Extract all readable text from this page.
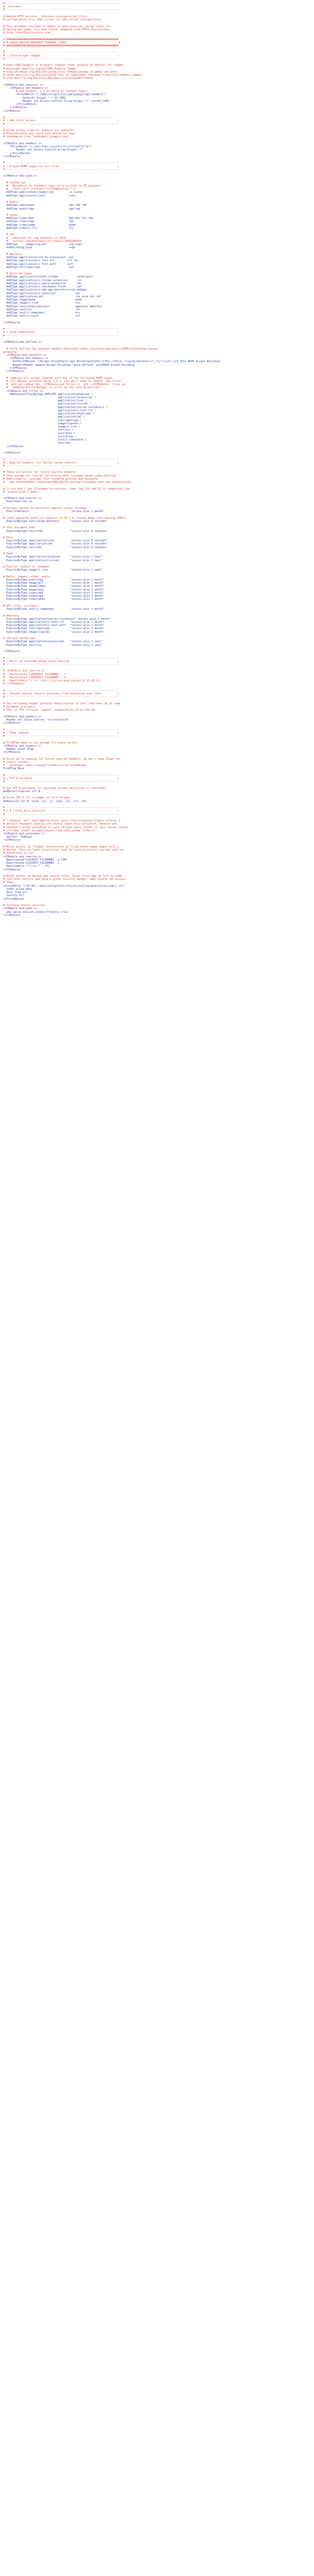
# ----------------------------------------------------------------------
# .htaccess
# ----------------------------------------------------------------------
# Apache HTTP servers, .htaccess configuration files
# configuration file that allows for web server configuration.
# This document includes a number of best-practice server rules for
# making web pages fast and secure. Adapted from HTML5 Boilerplate.
# http://html5boilerplate.com/
# ######################################################################
# # CROSS-ORIGIN RESOURCE SHARING (CORS)                                #
# ######################################################################
# ----------------------------------------------------------------------
# | Cross-origin images                                                |
# ----------------------------------------------------------------------
# Send CORS headers if browsers request them; enabled by default for images.
# developer.mozilla.org/en/CORS_Enabled_Image
# blog.chromium.org/2011/07/using-cross-domain-images-in-webgl-and.html
# hacks.mozilla.org/2011/11/using-cors-to-load-webgl-textures-from-cross-domain-images/
# wiki.mozilla.org/Security/Reviews/crossoriginAttribute
<IfModule mod_setenvif.c>
<IfModule mod_headers.c>
# mod_headers, y u no match by Content-Type?!
<FilesMatch "\.(bmp|cur|gif|ico|jpe?g|png|svgz?|webp)$">
SetEnvIf Origin ":" IS_CORS
Header set Access-Control-Allow-Origin "*" env=IS_CORS
</FilesMatch>
</IfModule>
</IfModule>
# ----------------------------------------------------------------------
# | Web fonts access                                                   |
# ----------------------------------------------------------------------
# Allow access from all domains for webfonts.
# Alternatively you could only whitelist your
# subdomains like "subdomain.example.com".
<IfModule mod_headers.c>
<FilesMatch "\.(eot|font.css|otf|ttc|ttf|woff2?)$">
Header set Access-Control-Allow-Origin "*"
</FilesMatch>
</IfModule>
# ----------------------------------------------------------------------
# | Proper MIME types for all files                                    |
# ----------------------------------------------------------------------
<IfModule mod_mime.c>
# JavaScript
#   Normalize to standard type (it's sniffed in IE anyways)
#   tools.ietf.org/html/rfc4329#section-7.2
AddType application/javascript         js jsonp
AddType application/json               json
# Audio
AddType audio/mp4                      m4a f4a f4b
AddType audio/ogg                      oga ogg
# Video
AddType video/mp4                      mp4 m4v f4v f4p
AddType video/ogg                      ogv
AddType video/webm                     webm
AddType video/x-flv                    flv
# SVG
#   Required for svg webfonts on iPad
#   twitter.com/FontSquirrel/status/14855840545
AddType     image/svg+xml              svg svgz
AddEncoding gzip                       svgz
# Webfonts
AddType application/vnd.ms-fontobject  eot
AddType application/x-font-ttf        ttf ttc
AddType application/x-font-woff       woff
AddType font/opentype                  otf
# Assorted types
AddType application/octet-stream            safariextz
AddType application/x-chrome-extension      crx
AddType application/x-opera-extension       oex
AddType application/x-shockwave-flash       swf
AddType application/x-web-app-manifest+json webapp
AddType application/x-xpinstall            xpi
AddType application/xml                    rss atom xml rdf
AddType image/webp                         webp
AddType image/x-icon                       ico
AddType text/cache-manifest                appcache manifest
AddType text/vtt                           vtt
AddType text/x-component                   htc
AddType text/x-vcard                       vcf
</IfModule>
# ----------------------------------------------------------------------
# | Gzip compression                                                   |
# ----------------------------------------------------------------------
<IfModule mod_deflate.c>
# Force deflate for mangled headers developer.yahoo.com/blogs/ydn/posts/2010/12/pushing-beyond-
gzipping/
<IfModule mod_setenvif.c>
<IfModule mod_headers.c>
SetEnvIfNoCase ^(Accept-EncodXng|X-cept-Encoding|X{15}|~{15}|-{15})$ ^((gzip|deflate)\s*,?\s*)+|[X~-]{4,13}$ HAVE_Accept-Encoding
RequestHeader append Accept-Encoding "gzip,deflate" env=HAVE_Accept-Encoding
</IfModule>
</IfModule>
# Compress all output labeled with one of the following MIME-types
# (for Apache versions below 2.3.7, you don't need to enable `mod_filter`
#  and can remove the `<IfModule mod_filter.c>` and `</IfModule>` lines as
#  `AddOutputFilterByType` is still in the core directives)
<IfModule mod_filter.c>
AddOutputFilterByType DEFLATE application/atom+xml \
application/javascript \
application/json \
application/rss+xml \
application/vnd.ms-fontobject \
application/x-font-ttf \
application/xhtml+xml \
application/xml \
font/opentype \
image/svg+xml \
image/x-icon \
text/css \
text/html \
text/plain \
text/x-component \
text/xml
</IfModule>
</IfModule>
# ----------------------------------------------------------------------
# | Expires headers (for better cache control)                         |
# ----------------------------------------------------------------------
# These are pretty far-future expires headers.
# They assume you control versioning with filename-based cache busting
# Additionally, consider that outdated proxies may miscache
#   www.stevesouders.com/blog/2008/08/23/revving-filenames-dont-use-querystring/
# If you don't use filenames to version, lower the CSS and JS to something like
# "access plus 1 week".
<IfModule mod_expires.c>
ExpiresActive on
# Perhaps better to whitelist expires rules? Perhaps.
ExpiresDefault                          "access plus 1 month"
# cache.appcache needs re-requests in FF 3.6 (thanks Remy ~Introducing HTML5)
ExpiresByType text/cache-manifest       "access plus 0 seconds"
# Your document html
ExpiresByType text/html                 "access plus 0 seconds"
# Data
ExpiresByType application/json          "access plus 0 seconds"
ExpiresByType application/xml           "access plus 0 seconds"
ExpiresByType text/xml                  "access plus 0 seconds"
# Feed
ExpiresByType application/atom+xml      "access plus 1 hour"
ExpiresByType application/rss+xml       "access plus 1 hour"
# Favicon (cannot be renamed)
ExpiresByType image/x-icon              "access plus 1 week"
# Media: images, video, audio
ExpiresByType audio/ogg                 "access plus 1 month"
ExpiresByType image/gif                 "access plus 1 month"
ExpiresByType image/jpeg                "access plus 1 month"
ExpiresByType image/png                 "access plus 1 month"
ExpiresByType video/mp4                 "access plus 1 month"
ExpiresByType video/ogg                 "access plus 1 month"
ExpiresByType video/webm                "access plus 1 month"
# HTC files  (css3pie)
ExpiresByType text/x-component          "access plus 1 month"
# Webfonts
ExpiresByType application/vnd.ms-fontobject "access plus 1 month"
ExpiresByType application/x-font-ttf    "access plus 1 month"
ExpiresByType application/x-font-woff   "access plus 1 month"
ExpiresByType font/opentype             "access plus 1 month"
ExpiresByType image/svg+xml             "access plus 1 month"
# CSS and JavaScript
ExpiresByType application/javascript    "access plus 1 year"
ExpiresByType text/css                  "access plus 1 year"
</IfModule>
# ----------------------------------------------------------------------
# | Built-in filename-based cache busting                              |
# ----------------------------------------------------------------------
# <IfModule mod_rewrite.c>
#   RewriteCond %{REQUEST_FILENAME} !-f
#   RewriteCond %{REQUEST_FILENAME} !-d
#   RewriteRule ^(.+)\.(\d+)\.(js|css|png|jpg|gif)$ $1.$3 [L]
# </IfModule>
# ----------------------------------------------------------------------
# | Prevent mobile network providers from modifying your site          |
# ----------------------------------------------------------------------
# The following header prevents modification of your code over 3G on some
# European providers.
# This is the official 'bypass' suggested by O2 in the UK.
<IfModule mod_headers.c>
Header set Cache-Control "no-transform"
</IfModule>
# ----------------------------------------------------------------------
# | ETag removal                                                       |
# ----------------------------------------------------------------------
# FileETag None is not enough for every server.
<IfModule mod_headers.c>
Header unset ETag
</IfModule>
# Since we're sending far-future expires headers, we don't need ETags for
# static content.
#   developer.yahoo.com/performance/rules.html#etags
FileETag None
# ----------------------------------------------------------------------
# | UTF-8 encoding                                                     |
# ----------------------------------------------------------------------
# Use UTF-8 encoding for anything served text/plain or text/html
AddDefaultCharset utf-8
# Force UTF-8 for a number of file formats
AddCharset utf-8 .atom .css .js .json .rss .vtt .xml
# ----------------------------------------------------------------------
# | A little more security                                             |
# ----------------------------------------------------------------------
# "-Indexes" will have Apache block users from browsing folders without a
# default document Usually you should leave this activated, because you
# shouldn't allow everybody to surf through every folder on your server (which
# includes rather private places like CMS system folders).
<IfModule mod_autoindex.c>
Options -Indexes
</IfModule>
# Block access to "hidden" directories or files whose names begin with a
# period. This includes directories used by version control systems such as
# Subversion or Git.
<IfModule mod_rewrite.c>
RewriteCond %{SCRIPT_FILENAME} -d [OR]
RewriteCond %{SCRIPT_FILENAME} -f
RewriteRule "(^|/)\." - [F]
</IfModule>
# Block access to backup and source files. These files may be left by some
# text/html editors and pose a great security danger, when anyone can access
# them.
<FilesMatch "(^#.*#|\.(bak|config|dist|fla|inc|ini|log|psd|sh|sql|swp)|~)$">
Order allow,deny
Deny from all
Satisfy All
</FilesMatch>
# Increase cookie security
<IfModule mod_php5.c>
php_value session.cookie_httponly true
</IfModule>
